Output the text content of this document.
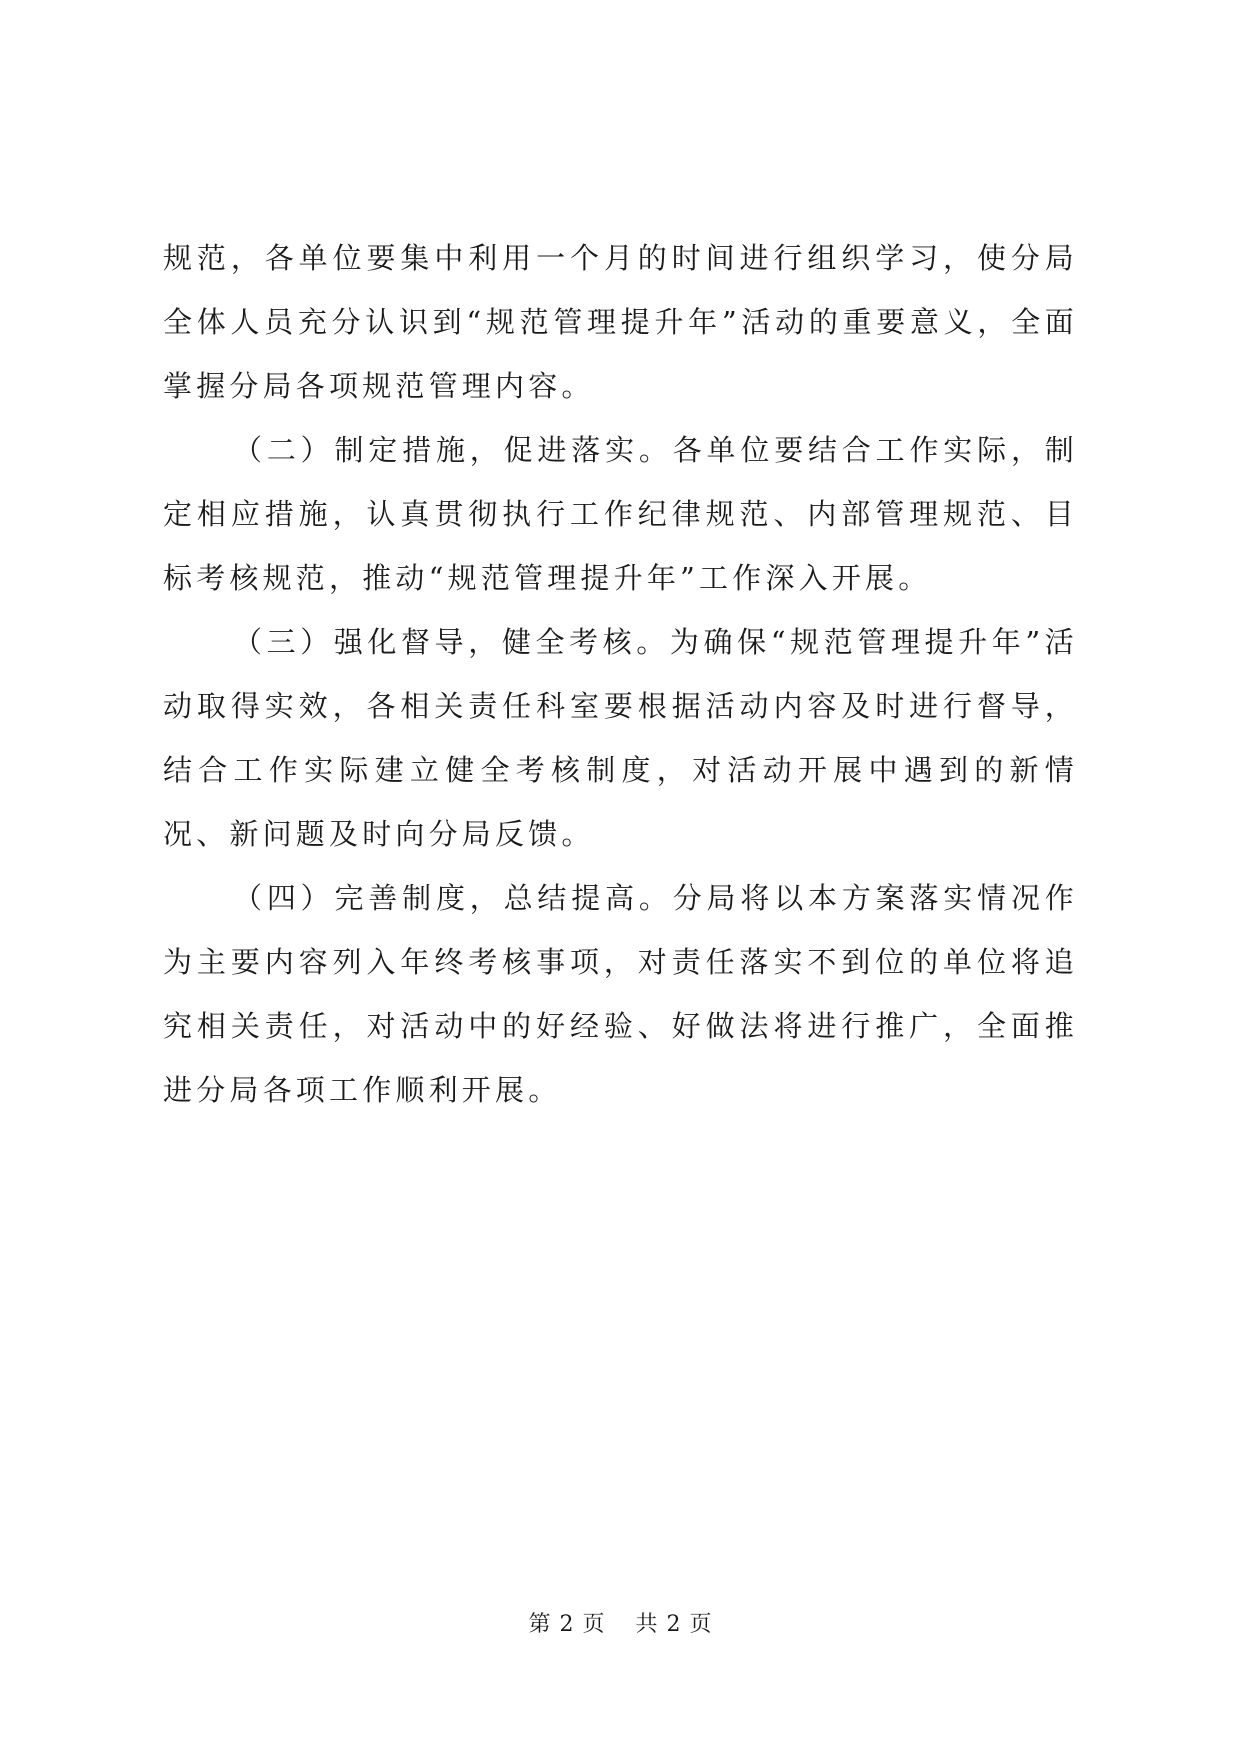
规范，各单位要集中利用一个月的时间进行组织学习，使分局全体人员充分认识到“规范管理提升年”活动的重要意义，全面掌握分局各项规范管理内容。

（二）制定措施，促进落实。各单位要结合工作实际，制定相应措施，认真贯彻执行工作纪律规范、内部管理规范、目标考核规范，推动“规范管理提升年”工作深入开展。

（三）强化督导，健全考核。为确保“规范管理提升年”活动取得实效，各相关责任科室要根据活动内容及时进行督导，结合工作实际建立健全考核制度，对活动开展中遇到的新情况、新问题及时向分局反馈。

（四）完善制度，总结提高。分局将以本方案落实情况作为主要内容列入年终考核事项，对责任落实不到位的单位将追究相关责任，对活动中的好经验、好做法将进行推广，全面推进分局各项工作顺利开展。

第 2 页 共 2 页
